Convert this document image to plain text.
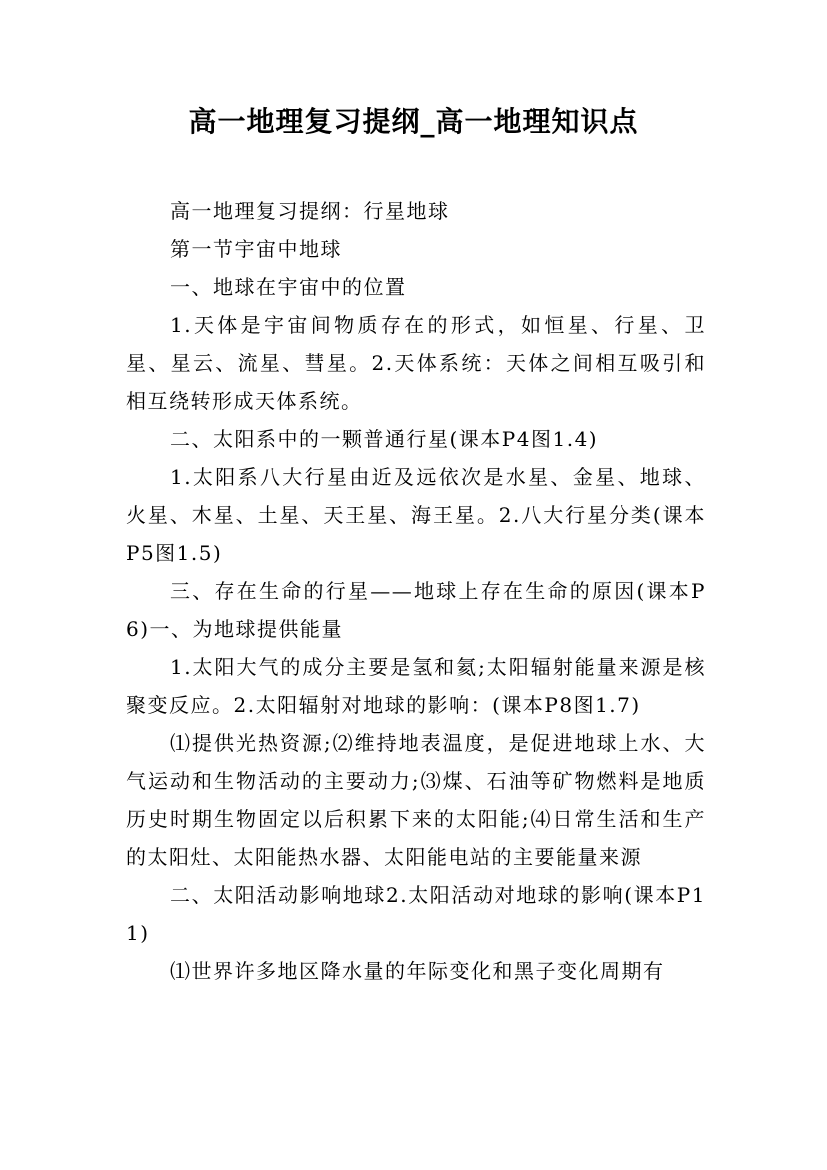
高一地理复习提纲_高一地理知识点

高一地理复习提纲：行星地球

第一节宇宙中地球

一、地球在宇宙中的位置

1.天体是宇宙间物质存在的形式，如恒星、行星、卫星、星云、流星、彗星。2.天体系统：天体之间相互吸引和相互绕转形成天体系统。

二、太阳系中的一颗普通行星(课本P4图1.4)

1.太阳系八大行星由近及远依次是水星、金星、地球、火星、木星、土星、天王星、海王星。2.八大行星分类(课本P5图1.5)

三、存在生命的行星——地球上存在生命的原因(课本P6)一、为地球提供能量

1.太阳大气的成分主要是氢和氦;太阳辐射能量来源是核聚变反应。2.太阳辐射对地球的影响：(课本P8图1.7)

⑴提供光热资源;⑵维持地表温度，是促进地球上水、大气运动和生物活动的主要动力;⑶煤、石油等矿物燃料是地质历史时期生物固定以后积累下来的太阳能;⑷日常生活和生产的太阳灶、太阳能热水器、太阳能电站的主要能量来源

二、太阳活动影响地球2.太阳活动对地球的影响(课本P11)

⑴世界许多地区降水量的年际变化和黑子变化周期有
